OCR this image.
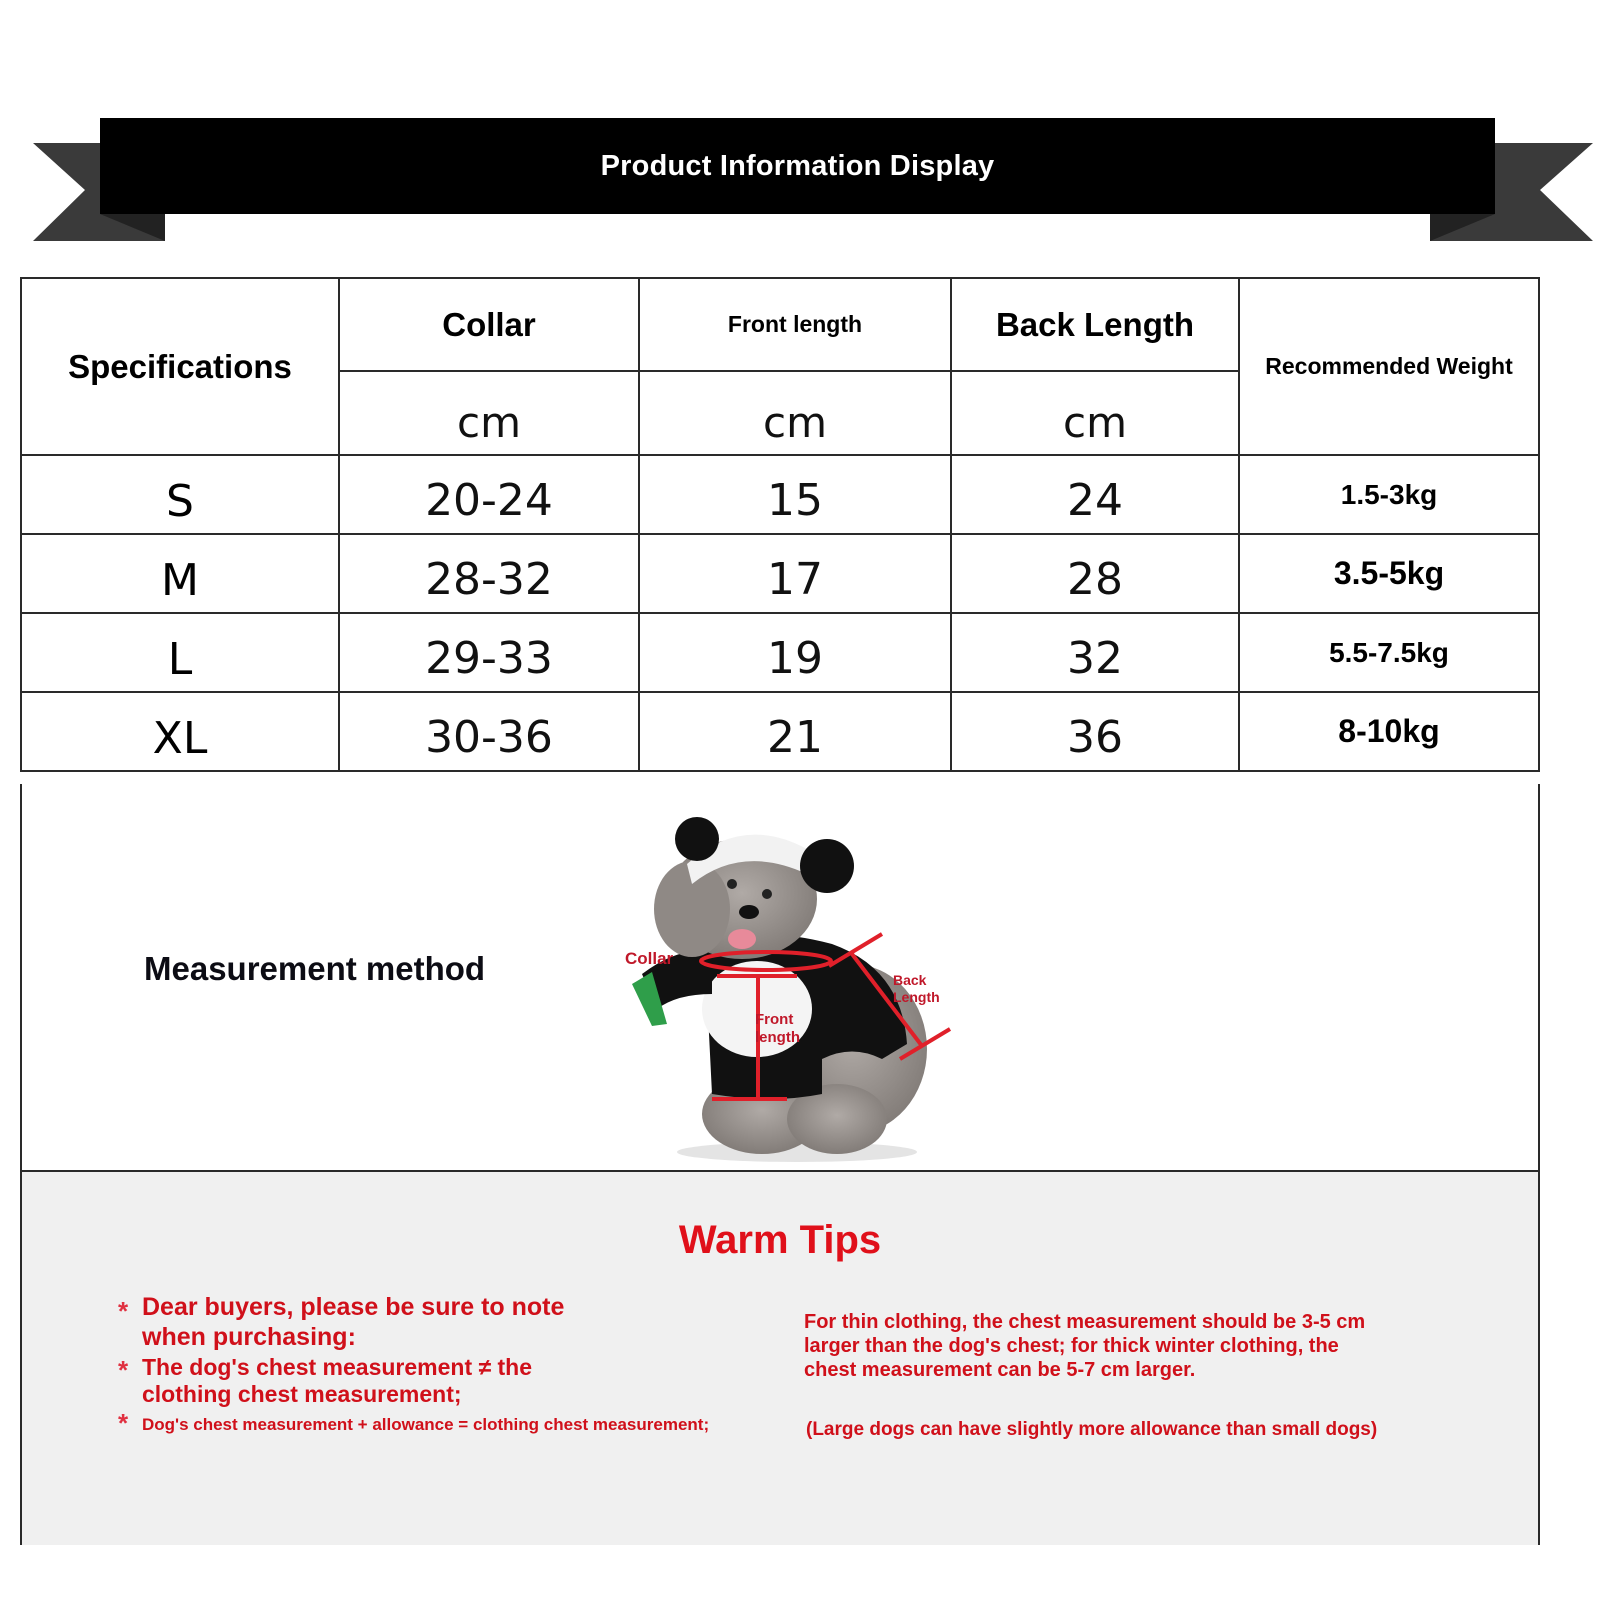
Product Information Display
Specifications	Collar	Front length	Back Length	Recommended Weight
	cm	cm	cm	
S	20-24	15	24	1.5-3kg
M	28-32	17	28	3.5-5kg
L	29-33	19	32	5.5-7.5kg
XL	30-36	21	36	8-10kg
Measurement method	Collar
Back
Length
Front
length
Warm Tips
* Dear buyers, please be sure to note when purchasing:
* The dog's chest measurement ≠ the clothing chest measurement;
* Dog's chest measurement + allowance = clothing chest measurement;
For thin clothing, the chest measurement should be 3-5 cm larger than the dog's chest; for thick winter clothing, the chest measurement can be 5-7 cm larger.
(Large dogs can have slightly more allowance than small dogs)
